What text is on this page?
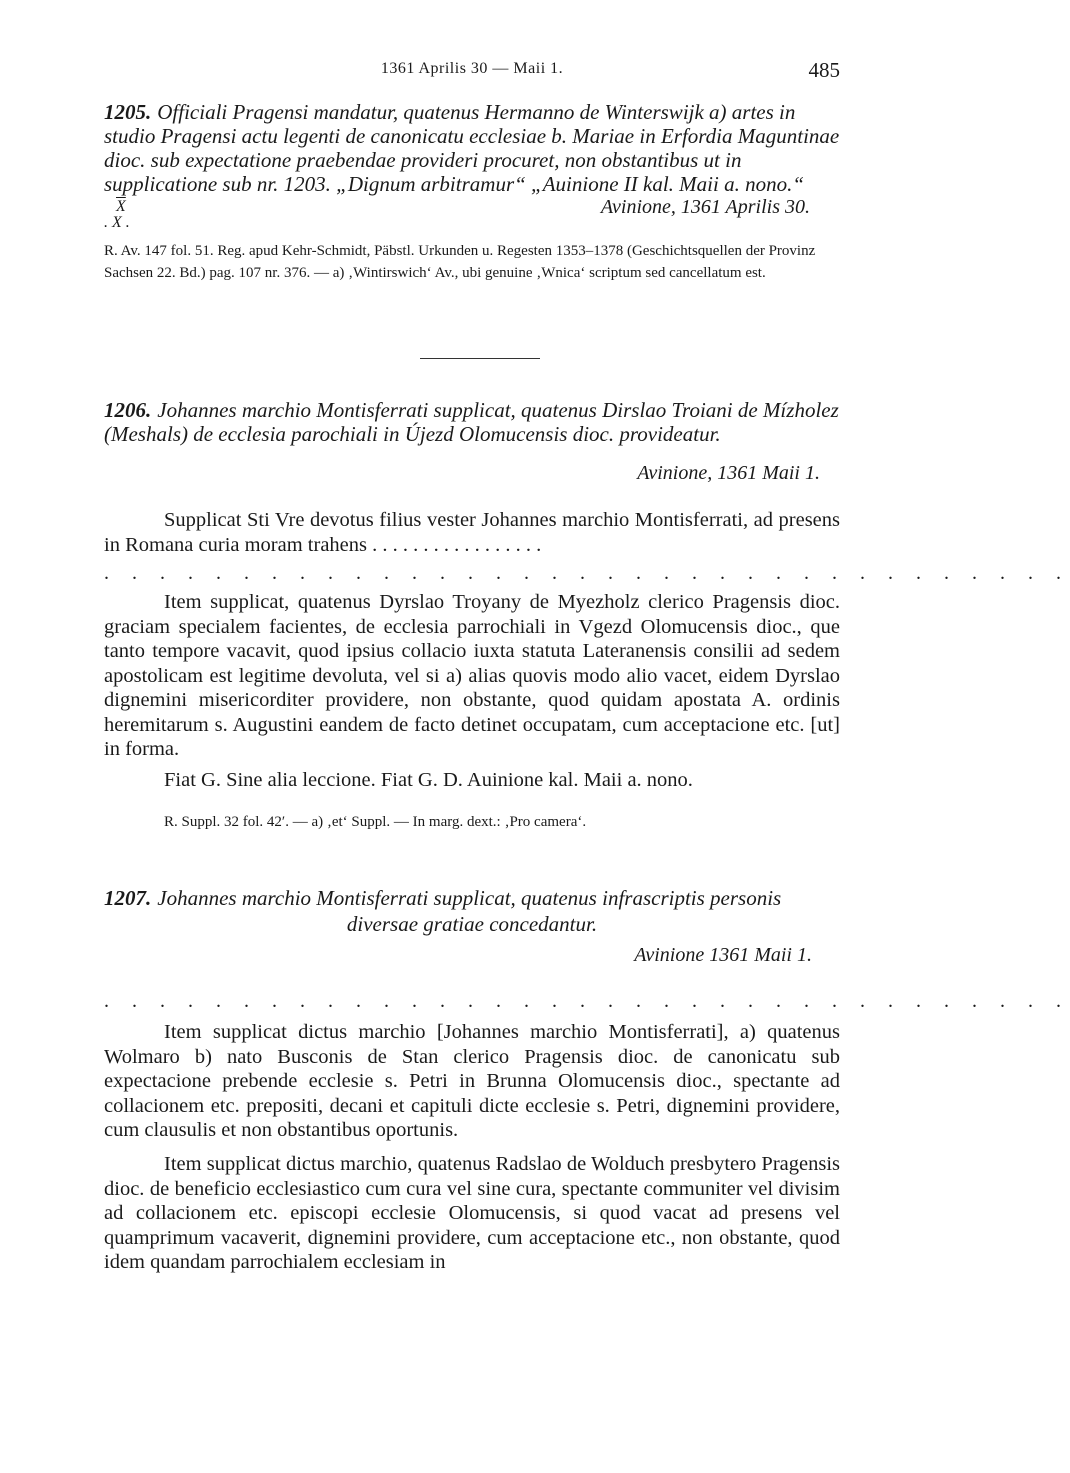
1361 Aprilis 30 — Maii 1.	485
1205. Officiali Pragensi mandatur, quatenus Hermanno de Winterswijk a) artes in studio Pragensi actu legenti de canonicatu ecclesiae b. Mariae in Erfordia Maguntinae dioc. sub expectatione praebendae provideri procuret, non obstantibus ut in supplicatione sub nr. 1203. „Dignum arbitramur“ „Auinione II kal. Maii a. nono.“
$\overline{X}$
. X .
Avinione, 1361 Aprilis 30.
R. Av. 147 fol. 51. Reg. apud Kehr-Schmidt, Päbstl. Urkunden u. Regesten 1353–1378 (Geschichtsquellen der Provinz Sachsen 22. Bd.) pag. 107 nr. 376. — a) ‚Wintirswich‘ Av., ubi genuine ‚Wnica‘ scriptum sed cancellatum est.
1206. Johannes marchio Montisferrati supplicat, quatenus Dirslao Troiani de Mízholez (Meshals) de ecclesia parochiali in Újezd Olomucensis dioc. provideatur.
Avinione, 1361 Maii 1.
Supplicat Sti Vre devotus filius vester Johannes marchio Montisferrati, ad presens in Romana curia moram trahens . . . . . . . . . . . . . . . . .
. . . . . . . . . . . . . . . . . . . . . . . . . . . . . . . . . . .
Item supplicat, quatenus Dyrslao Troyany de Myezholz clerico Pragensis dioc. graciam specialem facientes, de ecclesia parrochiali in Vgezd Olomucensis dioc., que tanto tempore vacavit, quod ipsius collacio iuxta statuta Lateranensis consilii ad sedem apostolicam est legitime devoluta, vel si a) alias quovis modo alio vacet, eidem Dyrslao dignemini misericorditer providere, non obstante, quod quidam apostata A. ordinis heremitarum s. Augustini eandem de facto detinet occupatam, cum acceptacione etc. [ut] in forma.
Fiat G. Sine alia leccione. Fiat G. D. Auinione kal. Maii a. nono.
R. Suppl. 32 fol. 42′. — a) ‚et‘ Suppl. — In marg. dext.: ‚Pro camera‘.
1207. Johannes marchio Montisferrati supplicat, quatenus infrascriptis personis
diversae gratiae concedantur.
Avinione 1361 Maii 1.
. . . . . . . . . . . . . . . . . . . . . . . . . . . . . . . . . . .
Item supplicat dictus marchio [Johannes marchio Montisferrati], a) quatenus Wolmaro b) nato Busconis de Stan clerico Pragensis dioc. de canonicatu sub expectacione prebende ecclesie s. Petri in Brunna Olomucensis dioc., spectante ad collacionem etc. prepositi, decani et capituli dicte ecclesie s. Petri, dignemini providere, cum clausulis et non obstantibus oportunis.
Item supplicat dictus marchio, quatenus Radslao de Wolduch presbytero Pragensis dioc. de beneficio ecclesiastico cum cura vel sine cura, spectante communiter vel divisim ad collacionem etc. episcopi ecclesie Olomucensis, si quod vacat ad presens vel quamprimum vacaverit, dignemini providere, cum acceptacione etc., non obstante, quod idem quandam parrochialem ecclesiam in
